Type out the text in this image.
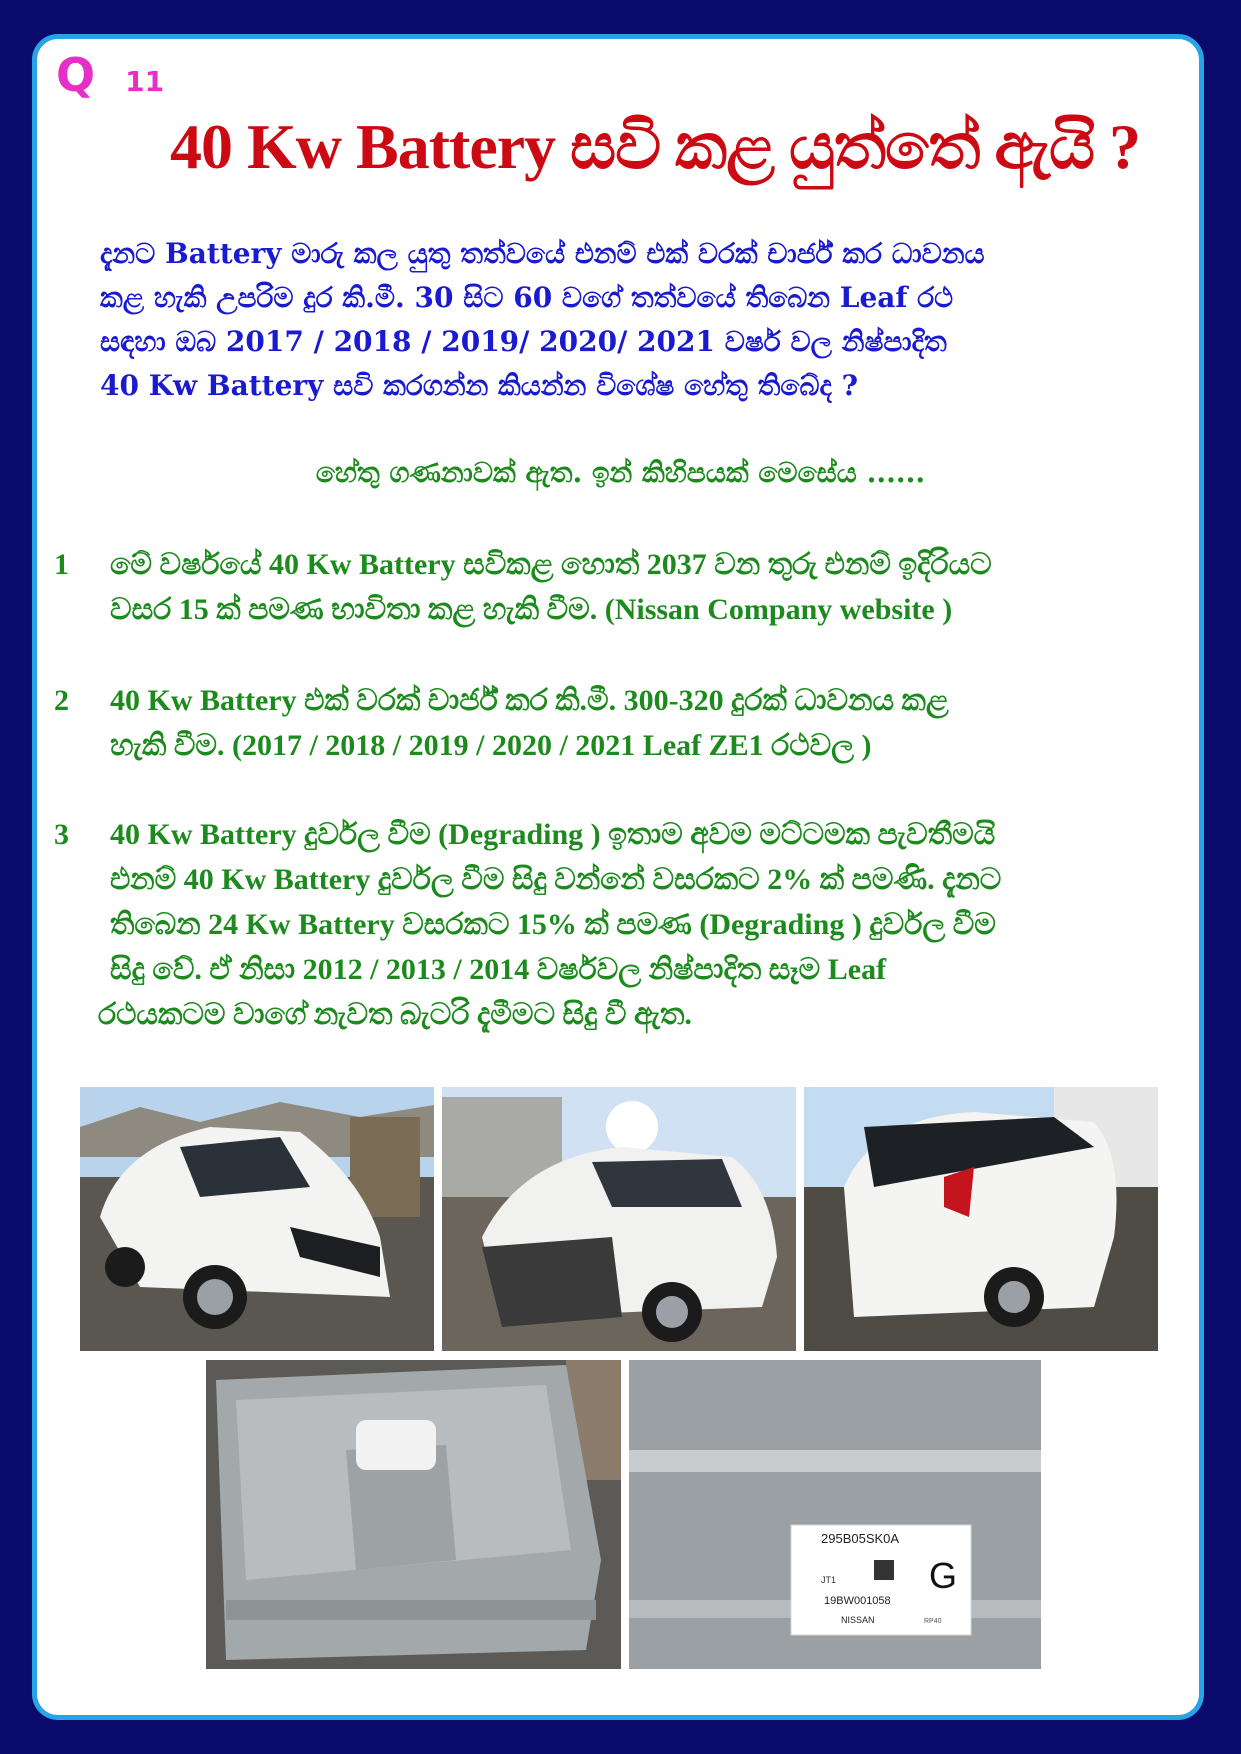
Q 11
40 Kw Battery සවි කළ යුත්තේ ඇයි ?
දැනට Battery මාරු කල යුතු තත්වයේ එනම් එක් වරක් චාර්ජ් කර ධාවනය
කළ හැකි උපරිම දුර කි.මී. 30 සිට 60 වගේ තත්වයේ තිබෙන Leaf රථ
සඳහා ඔබ 2017 / 2018 / 2019/ 2020/ 2021 වර්ෂ වල නිෂ්පාදිත
40 Kw Battery සවි කරගන්න කියන්න විශේෂ හේතු තිබේද ?
හේතු ගණනාවක් ඇත. ඉන් කිහිපයක් මෙසේය ......
1	මේ වර්ෂයේ 40 Kw Battery සවිකළ හොත් 2037 වන තුරු එනම් ඉදිරියට
වසර 15 ක් පමණ භාවිතා කළ හැකි වීම. (Nissan Company website )
2	40 Kw Battery එක් වරක් චාර්ජ් කර කි.මී. 300-320 දුරක් ධාවනය කළ
හැකි වීම. (2017 / 2018 / 2019 / 2020 / 2021 Leaf ZE1 රථවල )
3	40 Kw Battery දුර්වල වීම (Degrading ) ඉතාම අවම මට්ටමක පැවතීමයි
එනම් 40 Kw Battery දුර්වල වීම සිදු වන්නේ වසරකට 2% ක් පමණි. දැනට
තිබෙන 24 Kw Battery වසරකට 15% ක් පමණ (Degrading ) දුර්වල වීම
සිදු වේ. ඒ නිසා 2012 / 2013 / 2014 වර්ෂවල නිෂ්පාදිත සෑම Leaf
රථයකටම වාගේ නැවත බැටරි දැමීමට සිදු වී ඇත.
295B05SK0A
G
JT1
19BW001058
NISSAN	RP40
